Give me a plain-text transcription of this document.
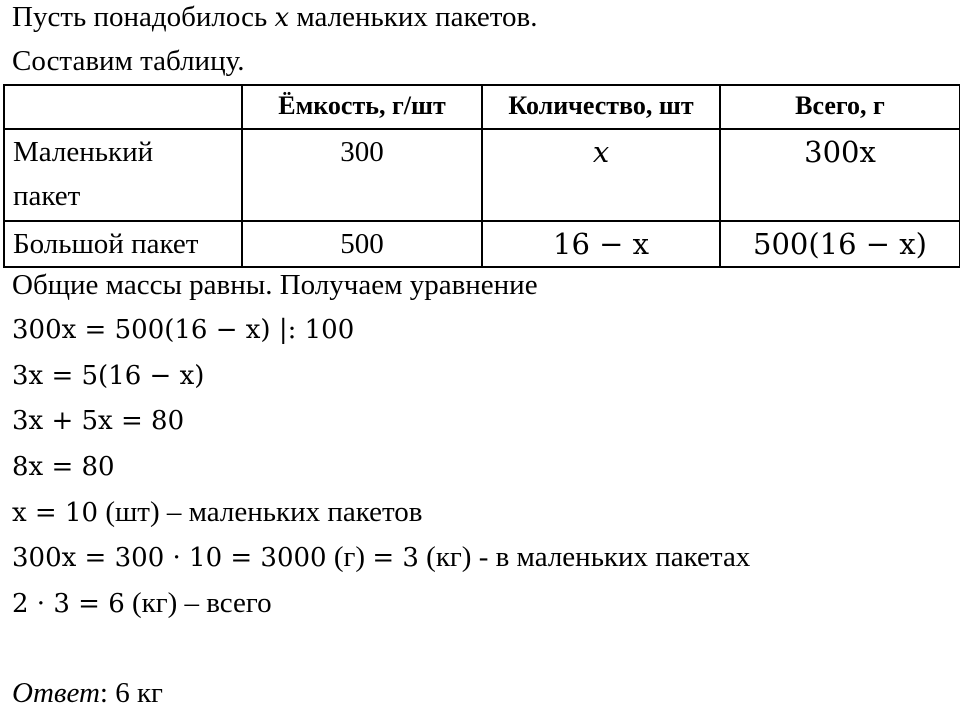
Пусть понадобилось x маленьких пакетов.
Составим таблицу.
	Ёмкость, г/шт	Количество, шт	Всего, г
Маленький пакет	300	x	300x
Большой пакет	500	16 − x	500(16 − x)
Общие массы равны. Получаем уравнение
300x = 500(16 − x) |: 100
3x = 5(16 − x)
3x + 5x = 80
8x = 80
x = 10 (шт) – маленьких пакетов
300x = 300 · 10 = 3000 (г) = 3 (кг) - в маленьких пакетах
2 · 3 = 6 (кг) – всего
Ответ: 6 кг
